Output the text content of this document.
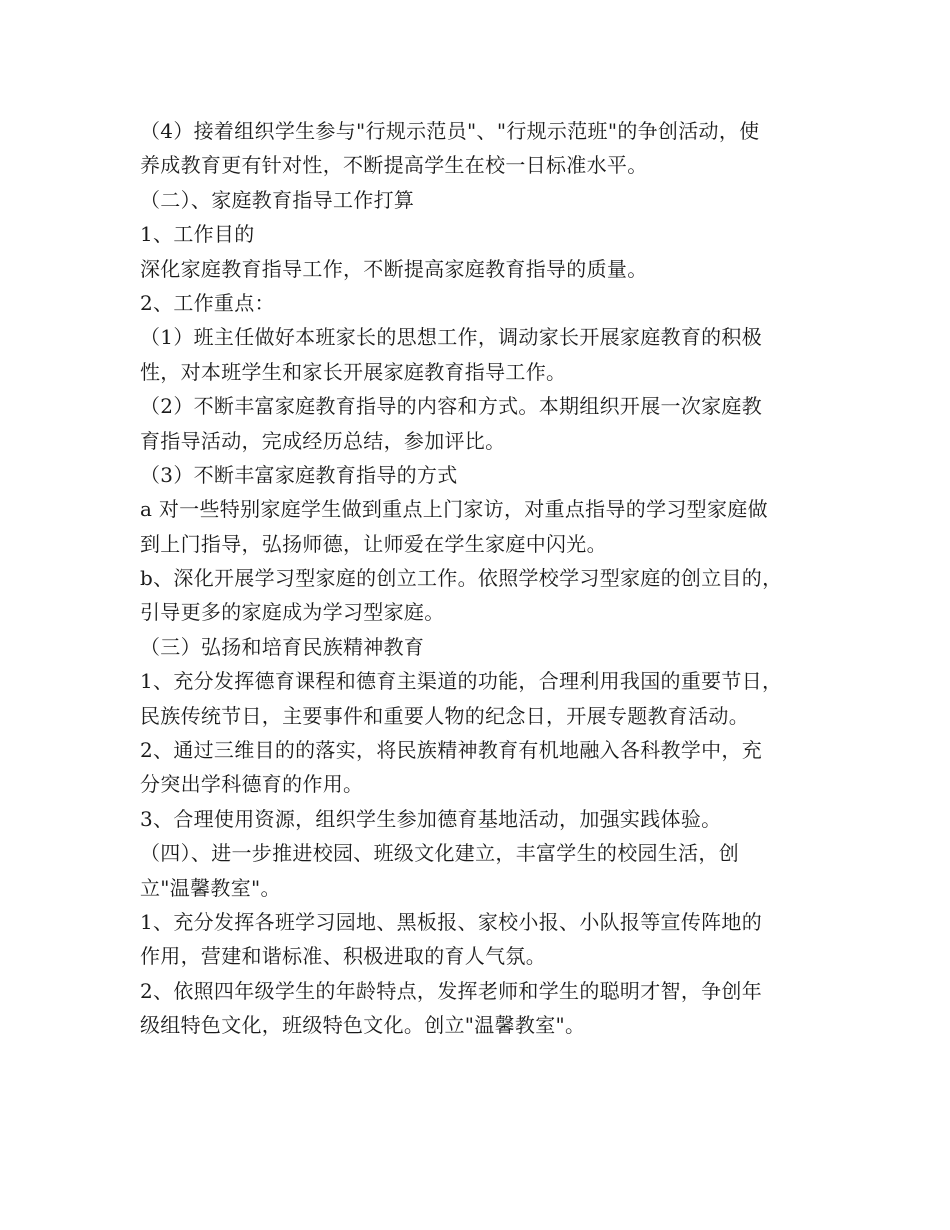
（4）接着组织学生参与"行规示范员"、"行规示范班"的争创活动，使
养成教育更有针对性，不断提高学生在校一日标准水平。
（二）、家庭教育指导工作打算
1、工作目的
深化家庭教育指导工作，不断提高家庭教育指导的质量。
2、工作重点：
（1）班主任做好本班家长的思想工作，调动家长开展家庭教育的积极
性，对本班学生和家长开展家庭教育指导工作。
（2）不断丰富家庭教育指导的内容和方式。本期组织开展一次家庭教
育指导活动，完成经历总结，参加评比。
（3）不断丰富家庭教育指导的方式
a 对一些特别家庭学生做到重点上门家访，对重点指导的学习型家庭做
到上门指导，弘扬师德，让师爱在学生家庭中闪光。
b、深化开展学习型家庭的创立工作。依照学校学习型家庭的创立目的，
引导更多的家庭成为学习型家庭。
（三）弘扬和培育民族精神教育
1、充分发挥德育课程和德育主渠道的功能，合理利用我国的重要节日，
民族传统节日，主要事件和重要人物的纪念日，开展专题教育活动。
2、通过三维目的的落实，将民族精神教育有机地融入各科教学中，充
分突出学科德育的作用。
3、合理使用资源，组织学生参加德育基地活动，加强实践体验。
（四）、进一步推进校园、班级文化建立，丰富学生的校园生活，创
立"温馨教室"。
1、充分发挥各班学习园地、黑板报、家校小报、小队报等宣传阵地的
作用，营建和谐标准、积极进取的育人气氛。
2、依照四年级学生的年龄特点，发挥老师和学生的聪明才智，争创年
级组特色文化，班级特色文化。创立"温馨教室"。
